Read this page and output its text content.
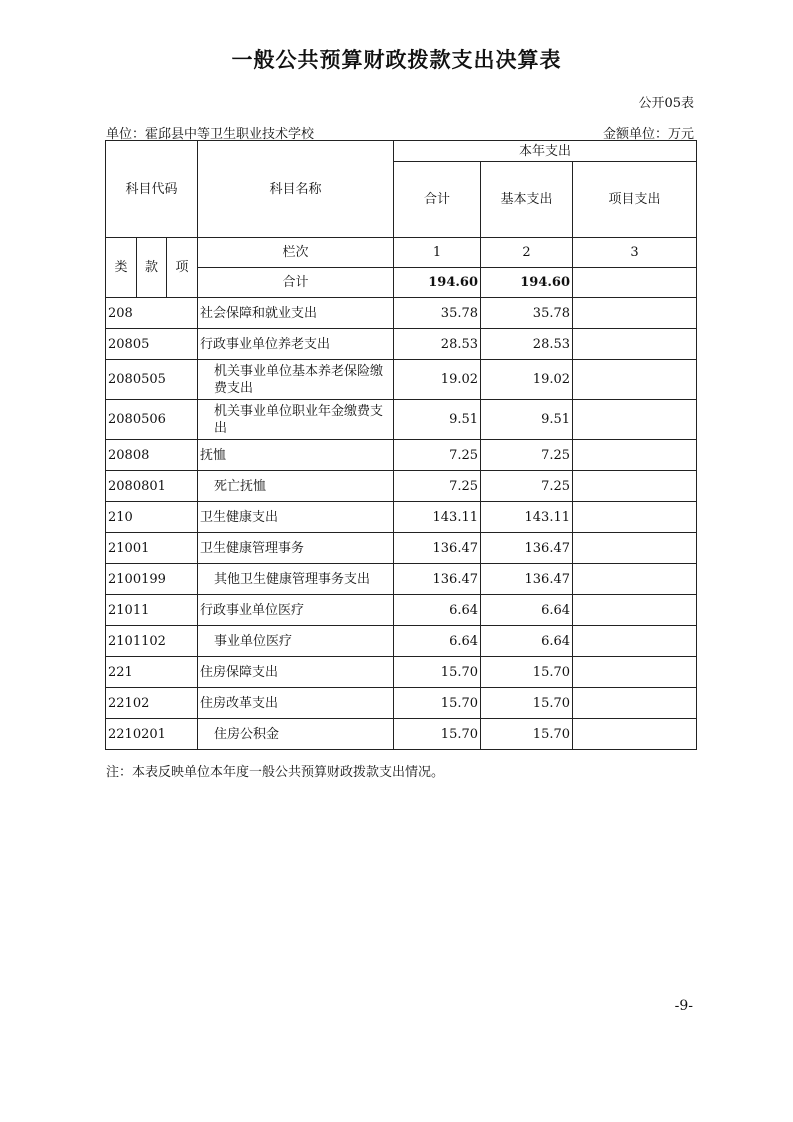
一般公共预算财政拨款支出决算表
公开05表
单位：霍邱县中等卫生职业技术学校	金额单位：万元
科目代码			科目名称	本年支出		
				合计	基本支出	项目支出

类	款	项	栏次	1	2	3
			合计	194.60	194.60	
208			社会保障和就业支出	35.78	35.78	
20805			行政事业单位养老支出	28.53	28.53	
2080505			机关事业单位基本养老保险缴费支出	19.02	19.02	
2080506			机关事业单位职业年金缴费支出	9.51	9.51	
20808			抚恤	7.25	7.25	
2080801			死亡抚恤	7.25	7.25	
210			卫生健康支出	143.11	143.11	
21001			卫生健康管理事务	136.47	136.47	
2100199			其他卫生健康管理事务支出	136.47	136.47	
21011			行政事业单位医疗	6.64	6.64	
2101102			事业单位医疗	6.64	6.64	
221			住房保障支出	15.70	15.70	
22102			住房改革支出	15.70	15.70	
2210201			住房公积金	15.70	15.70	
注：本表反映单位本年度一般公共预算财政拨款支出情况。
-9-
